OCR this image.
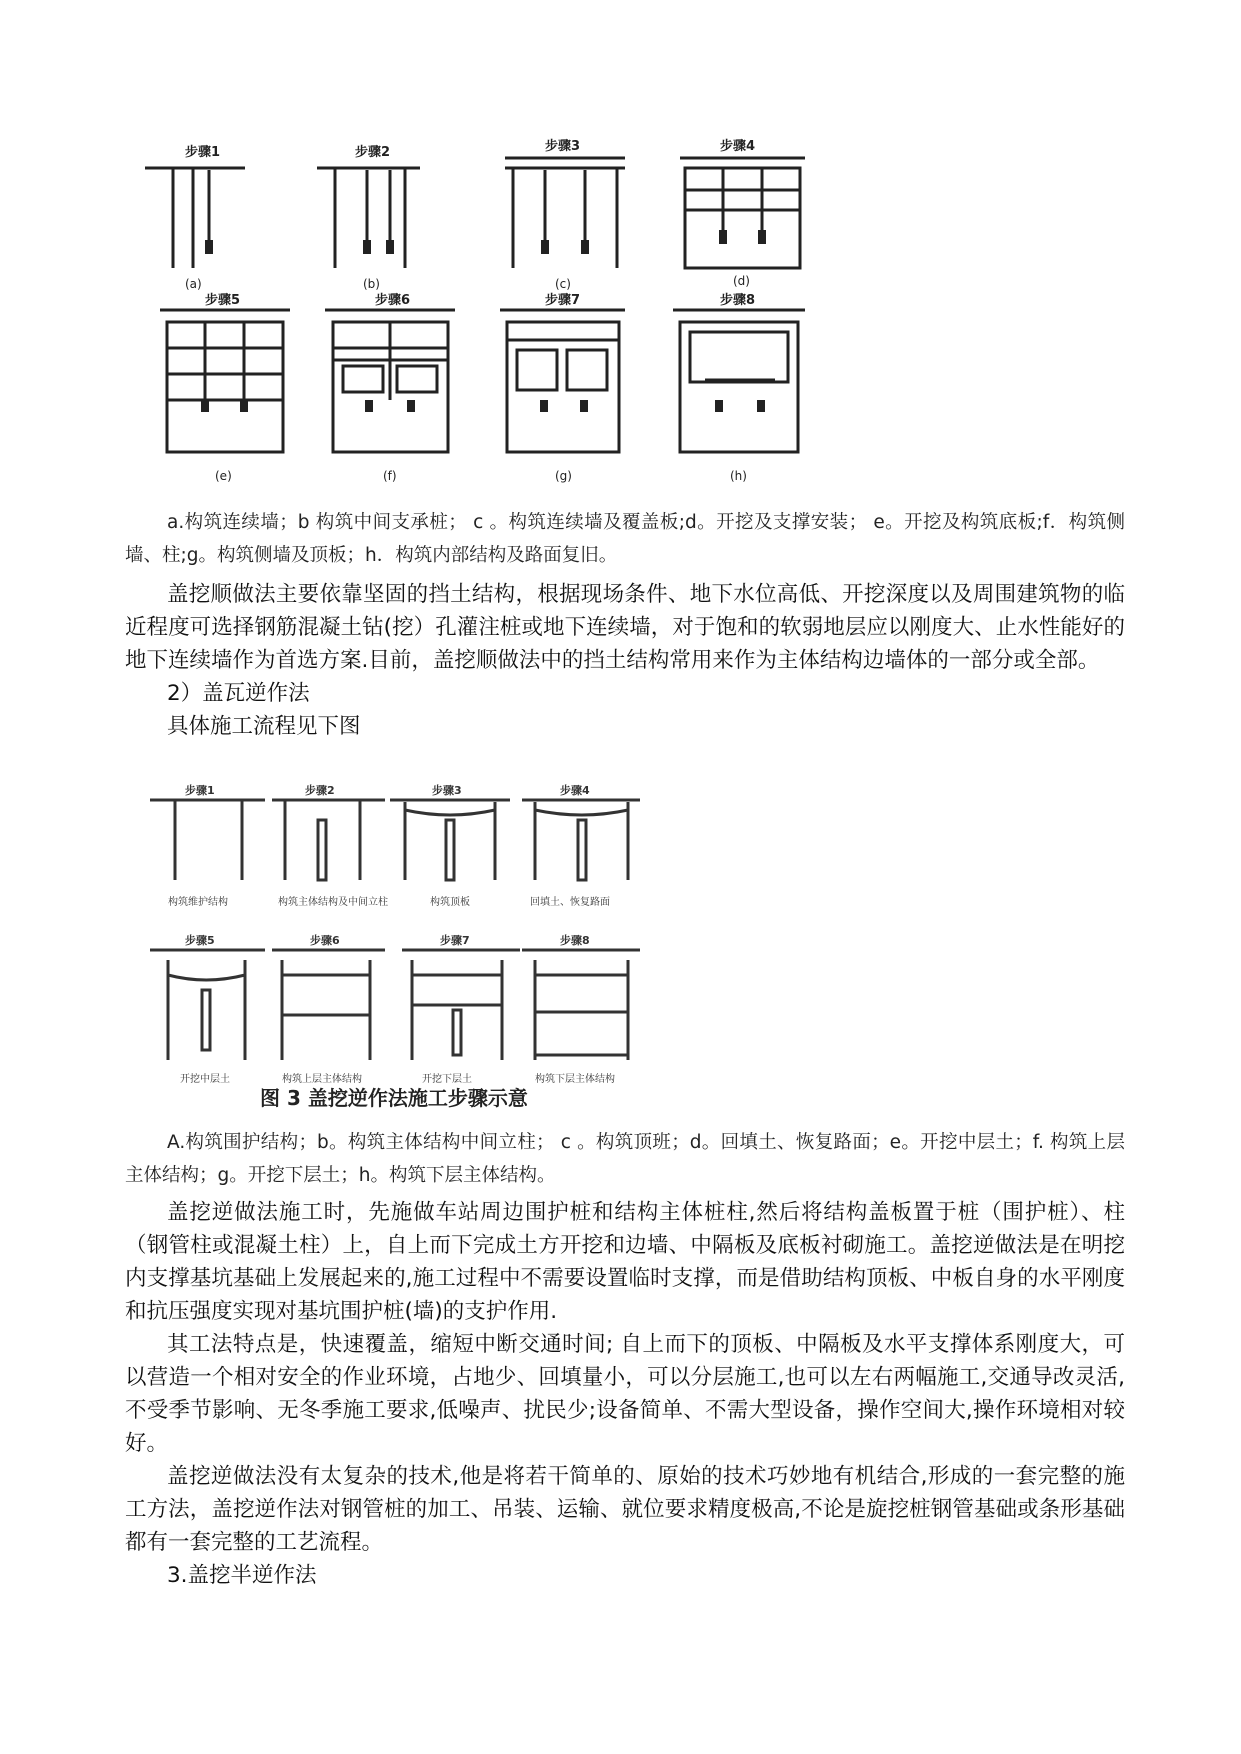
步骤1	步骤2	步骤3	步骤4
步骤5	步骤6	步骤7	步骤8
(a)	(b)	(c)	(d)
(e)	(f)	(g)	(h)

a.构筑连续墙；b 构筑中间支承桩； c 。构筑连续墙及覆盖板;d。开挖及支撑安装； e。开挖及构筑底板;f．构筑侧墙、柱;g。构筑侧墙及顶板；h．构筑内部结构及路面复旧。

盖挖顺做法主要依靠坚固的挡土结构，根据现场条件、地下水位高低、开挖深度以及周围建筑物的临近程度可选择钢筋混凝土钻(挖）孔灌注桩或地下连续墙，对于饱和的软弱地层应以刚度大、止水性能好的地下连续墙作为首选方案.目前，盖挖顺做法中的挡土结构常用来作为主体结构边墙体的一部分或全部。

2）盖瓦逆作法

具体施工流程见下图

步骤1	步骤2	步骤3	步骤4
步骤5	步骤6	步骤7	步骤8
构筑维护结构	构筑主体结构及中间立柱	构筑顶板	回填土、恢复路面
开挖中层土	构筑上层主体结构	开挖下层土	构筑下层主体结构
图 3 盖挖逆作法施工步骤示意

A.构筑围护结构；b。构筑主体结构中间立柱； c 。构筑顶班；d。回填土、恢复路面；e。开挖中层土；f. 构筑上层主体结构；g。开挖下层土；h。构筑下层主体结构。

盖挖逆做法施工时，先施做车站周边围护桩和结构主体桩柱,然后将结构盖板置于桩（围护桩）、柱（钢管柱或混凝土柱）上，自上而下完成土方开挖和边墙、中隔板及底板衬砌施工。盖挖逆做法是在明挖内支撑基坑基础上发展起来的,施工过程中不需要设置临时支撑，而是借助结构顶板、中板自身的水平刚度和抗压强度实现对基坑围护桩(墙)的支护作用.

其工法特点是，快速覆盖，缩短中断交通时间; 自上而下的顶板、中隔板及水平支撑体系刚度大，可以营造一个相对安全的作业环境，占地少、回填量小，可以分层施工,也可以左右两幅施工,交通导改灵活,不受季节影响、无冬季施工要求,低噪声、扰民少;设备简单、不需大型设备，操作空间大,操作环境相对较好。

盖挖逆做法没有太复杂的技术,他是将若干简单的、原始的技术巧妙地有机结合,形成的一套完整的施工方法，盖挖逆作法对钢管桩的加工、吊装、运输、就位要求精度极高,不论是旋挖桩钢管基础或条形基础都有一套完整的工艺流程。

3.盖挖半逆作法
